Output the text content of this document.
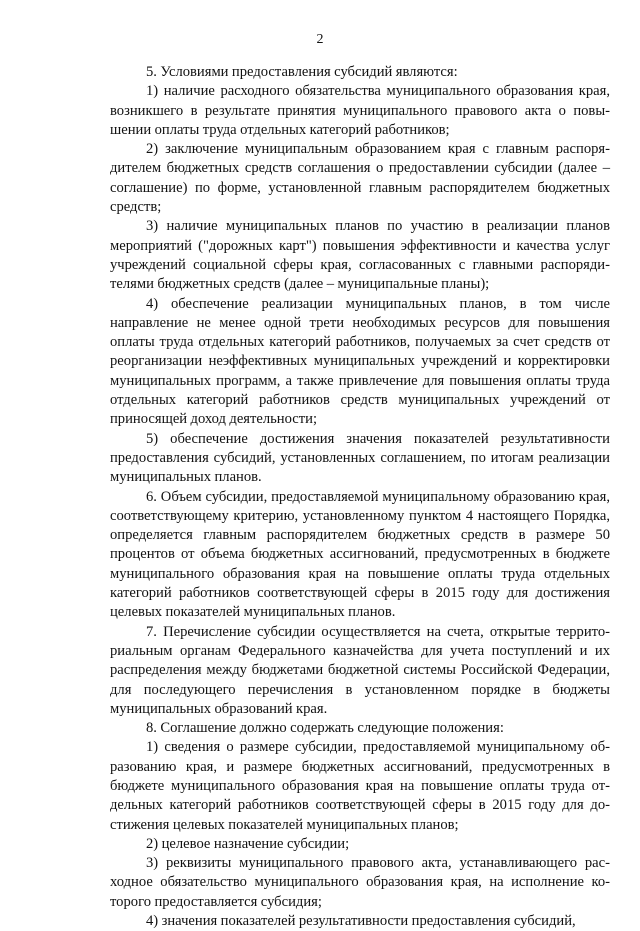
2

5. Условиями предоставления субсидий являются:

1) наличие расходного обязательства муниципального образования края, возникшего в результате принятия муниципального правового акта о повышении оплаты труда отдельных категорий работников;

2) заключение муниципальным образованием края с главным распорядителем бюджетных средств соглашения о предоставлении субсидии (далее – соглашение) по форме, установленной главным распорядителем бюджетных средств;

3) наличие муниципальных планов по участию в реализации планов мероприятий ("дорожных карт") повышения эффективности и качества услуг учреждений социальной сферы края, согласованных с главными распорядителями бюджетных средств (далее – муниципальные планы);

4) обеспечение реализации муниципальных планов, в том числе направление не менее одной трети необходимых ресурсов для повышения оплаты труда отдельных категорий работников, получаемых за счет средств от реорганизации неэффективных муниципальных учреждений и корректировки муниципальных программ, а также привлечение для повышения оплаты труда отдельных категорий работников средств муниципальных учреждений от приносящей доход деятельности;

5) обеспечение достижения значения показателей результативности предоставления субсидий, установленных соглашением, по итогам реализации муниципальных планов.

6. Объем субсидии, предоставляемой муниципальному образованию края, соответствующему критерию, установленному пунктом 4 настоящего Порядка, определяется главным распорядителем бюджетных средств в размере 50 процентов от объема бюджетных ассигнований, предусмотренных в бюджете муниципального образования края на повышение оплаты труда отдельных категорий работников соответствующей сферы в 2015 году для достижения целевых показателей муниципальных планов.

7. Перечисление субсидии осуществляется на счета, открытые территориальным органам Федерального казначейства для учета поступлений и их распределения между бюджетами бюджетной системы Российской Федерации, для последующего перечисления в установленном порядке в бюджеты муниципальных образований края.

8. Соглашение должно содержать следующие положения:

1) сведения о размере субсидии, предоставляемой муниципальному образованию края, и размере бюджетных ассигнований, предусмотренных в бюджете муниципального образования края на повышение оплаты труда отдельных категорий работников соответствующей сферы в 2015 году для достижения целевых показателей муниципальных планов;

2) целевое назначение субсидии;

3) реквизиты муниципального правового акта, устанавливающего расходное обязательство муниципального образования края, на исполнение которого предоставляется субсидия;

4) значения показателей результативности предоставления субсидий,
